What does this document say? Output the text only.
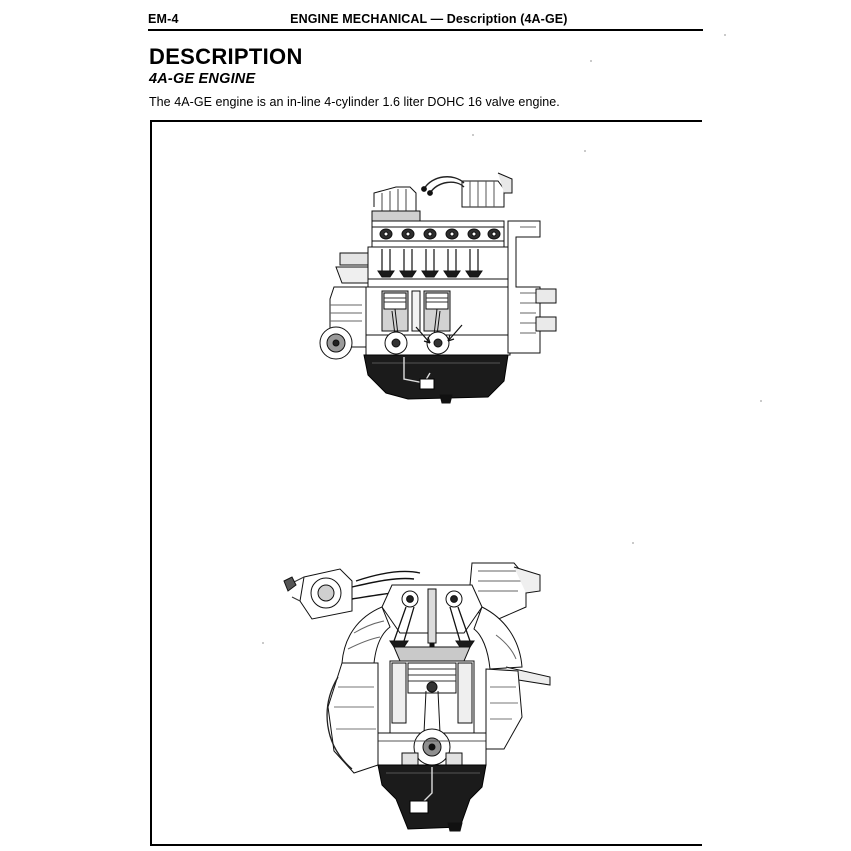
EM-4	ENGINE MECHANICAL — Description (4A-GE)
DESCRIPTION
4A-GE ENGINE
The 4A-GE engine is an in-line 4-cylinder 1.6 liter DOHC 16 valve engine.
